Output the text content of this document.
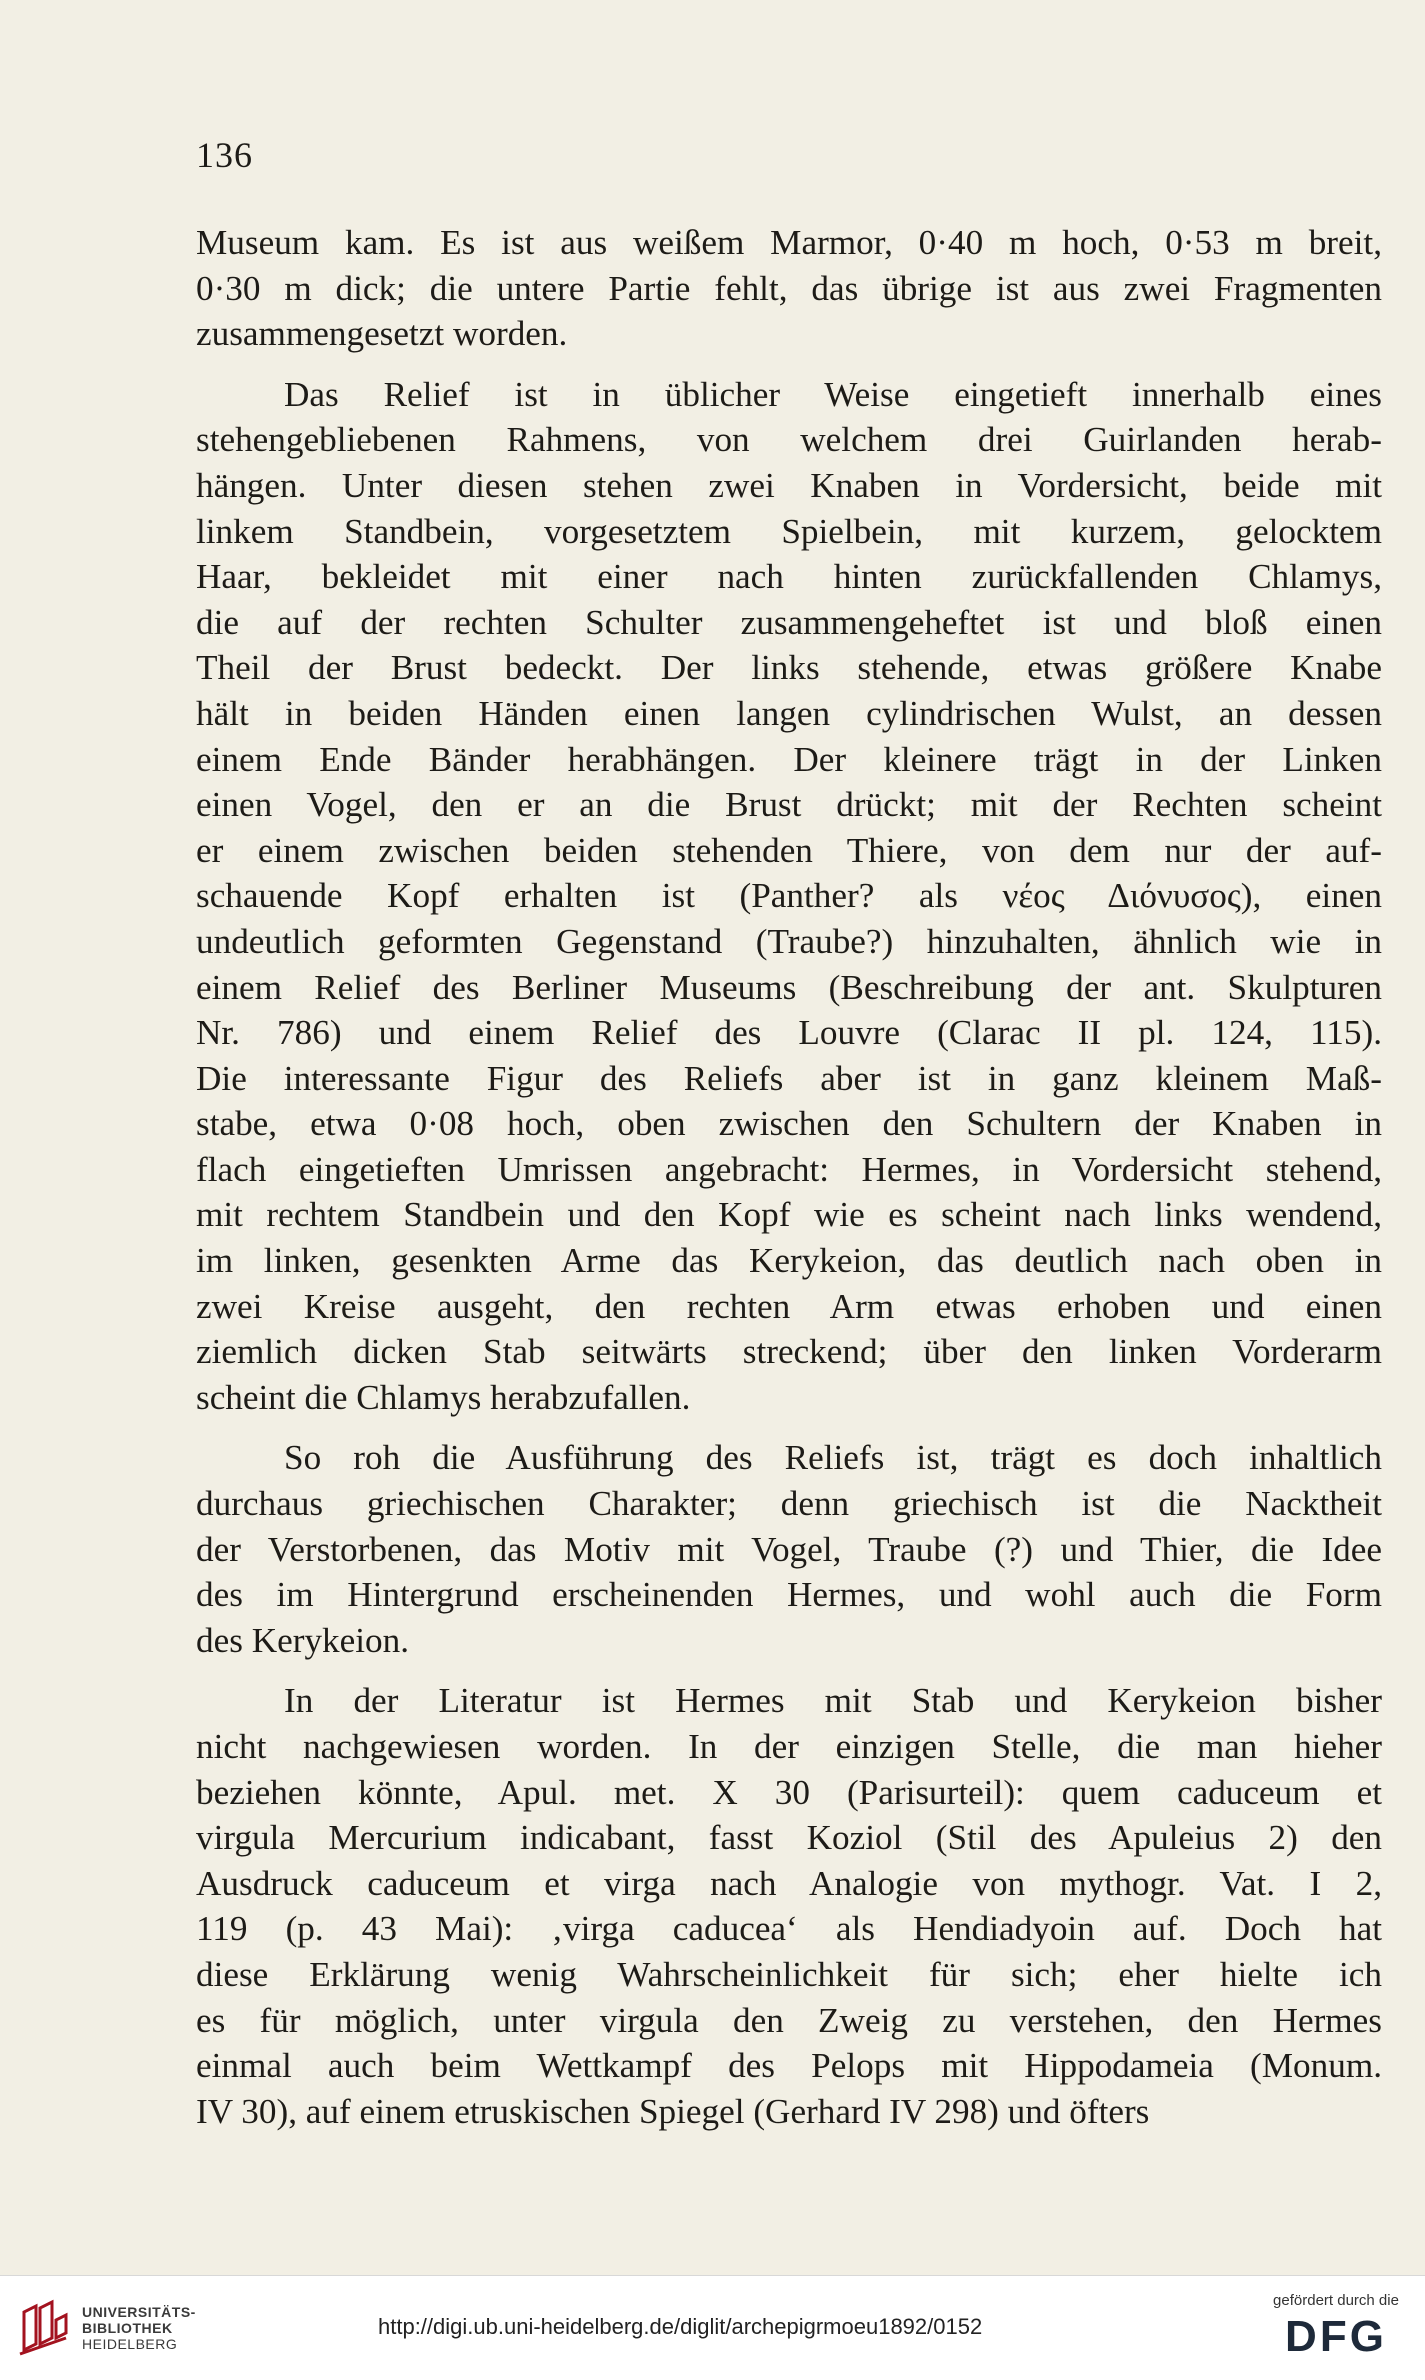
136
Museum kam. Es ist aus weißem Marmor, 0·40 m hoch, 0·53 m breit,
0·30 m dick; die untere Partie fehlt, das übrige ist aus zwei Fragmenten
zusammengesetzt worden.
Das Relief ist in üblicher Weise eingetieft innerhalb eines
stehengebliebenen Rahmens, von welchem drei Guirlanden herab-
hängen. Unter diesen stehen zwei Knaben in Vordersicht, beide mit
linkem Standbein, vorgesetztem Spielbein, mit kurzem, gelocktem
Haar, bekleidet mit einer nach hinten zurückfallenden Chlamys,
die auf der rechten Schulter zusammengeheftet ist und bloß einen
Theil der Brust bedeckt. Der links stehende, etwas größere Knabe
hält in beiden Händen einen langen cylindrischen Wulst, an dessen
einem Ende Bänder herabhängen. Der kleinere trägt in der Linken
einen Vogel, den er an die Brust drückt; mit der Rechten scheint
er einem zwischen beiden stehenden Thiere, von dem nur der auf-
schauende Kopf erhalten ist (Panther? als νέος Διόνυσος), einen
undeutlich geformten Gegenstand (Traube?) hinzuhalten, ähnlich wie in
einem Relief des Berliner Museums (Beschreibung der ant. Skulpturen
Nr. 786) und einem Relief des Louvre (Clarac II pl. 124, 115).
Die interessante Figur des Reliefs aber ist in ganz kleinem Maß-
stabe, etwa 0·08 hoch, oben zwischen den Schultern der Knaben in
flach eingetieften Umrissen angebracht: Hermes, in Vordersicht stehend,
mit rechtem Standbein und den Kopf wie es scheint nach links wendend,
im linken, gesenkten Arme das Kerykeion, das deutlich nach oben in
zwei Kreise ausgeht, den rechten Arm etwas erhoben und einen
ziemlich dicken Stab seitwärts streckend; über den linken Vorderarm
scheint die Chlamys herabzufallen.
So roh die Ausführung des Reliefs ist, trägt es doch inhaltlich
durchaus griechischen Charakter; denn griechisch ist die Nacktheit
der Verstorbenen, das Motiv mit Vogel, Traube (?) und Thier, die Idee
des im Hintergrund erscheinenden Hermes, und wohl auch die Form
des Kerykeion.
In der Literatur ist Hermes mit Stab und Kerykeion bisher
nicht nachgewiesen worden. In der einzigen Stelle, die man hieher
beziehen könnte, Apul. met. X 30 (Parisurteil): quem caduceum et
virgula Mercurium indicabant, fasst Koziol (Stil des Apuleius 2) den
Ausdruck caduceum et virga nach Analogie von mythogr. Vat. I 2,
119 (p. 43 Mai): ‚virga caducea‘ als Hendiadyoin auf. Doch hat
diese Erklärung wenig Wahrscheinlichkeit für sich; eher hielte ich
es für möglich, unter virgula den Zweig zu verstehen, den Hermes
einmal auch beim Wettkampf des Pelops mit Hippodameia (Monum.
IV 30), auf einem etruskischen Spiegel (Gerhard IV 298) und öfters
UNIVERSITÄTS-
BIBLIOTHEK
HEIDELBERG
http://digi.ub.uni-heidelberg.de/diglit/archepigrmoeu1892/0152
gefördert durch die
DFG
